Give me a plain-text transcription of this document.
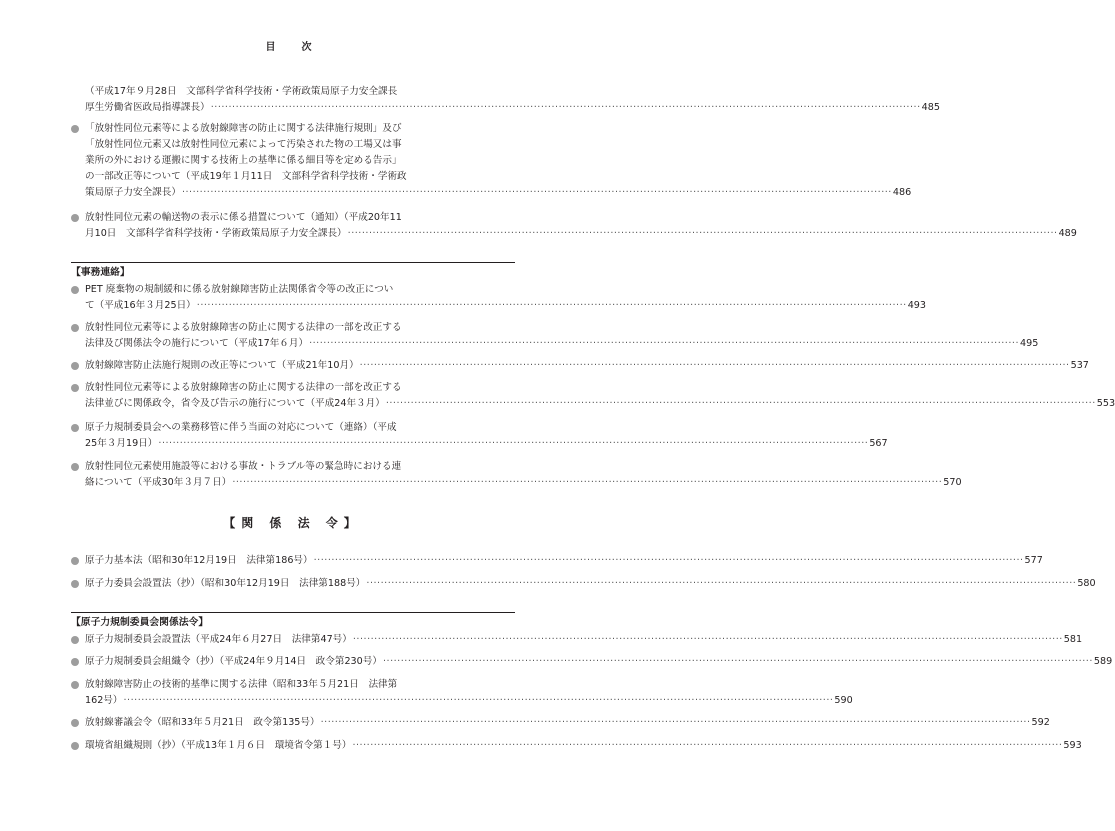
目　次
（平成17年９月28日　文部科学省科学技術・学術政策局原子力安全課長
厚生労働省医政局指導課長） ········································································································································································································ 485
「放射性同位元素等による放射線障害の防止に関する法律施行規則」及び
「放射性同位元素又は放射性同位元素によって汚染された物の工場又は事
業所の外における運搬に関する技術上の基準に係る細目等を定める告示」
の一部改正等について（平成19年１月11日　文部科学省科学技術・学術政
策局原子力安全課長） ········································································································································································································ 486
放射性同位元素の輸送物の表示に係る措置について（通知）（平成20年11
月10日　文部科学省科学技術・学術政策局原子力安全課長） ········································································································································································································ 489
【事務連絡】
PET 廃棄物の規制緩和に係る放射線障害防止法関係省令等の改正につい
て（平成16年３月25日） ········································································································································································································ 493
放射性同位元素等による放射線障害の防止に関する法律の一部を改正する
法律及び関係法令の施行について（平成17年６月） ········································································································································································································ 495
放射線障害防止法施行規則の改正等について（平成21年10月） ········································································································································································································ 537
放射性同位元素等による放射線障害の防止に関する法律の一部を改正する
法律並びに関係政令，省令及び告示の施行について（平成24年３月） ········································································································································································································ 553
原子力規制委員会への業務移管に伴う当面の対応について（連絡）（平成
25年３月19日） ········································································································································································································ 567
放射性同位元素使用施設等における事故・トラブル等の緊急時における連
絡について（平成30年３月７日） ········································································································································································································ 570
【関 係 法 令】
原子力基本法（昭和30年12月19日　法律第186号） ········································································································································································································ 577
原子力委員会設置法（抄）（昭和30年12月19日　法律第188号） ········································································································································································································ 580
【原子力規制委員会関係法令】
原子力規制委員会設置法（平成24年６月27日　法律第47号） ········································································································································································································ 581
原子力規制委員会組織令（抄）（平成24年９月14日　政令第230号） ········································································································································································································ 589
放射線障害防止の技術的基準に関する法律（昭和33年５月21日　法律第
162号） ········································································································································································································ 590
放射線審議会令（昭和33年５月21日　政令第135号） ········································································································································································································ 592
環境省組織規則（抄）（平成13年１月６日　環境省令第１号） ········································································································································································································ 593
